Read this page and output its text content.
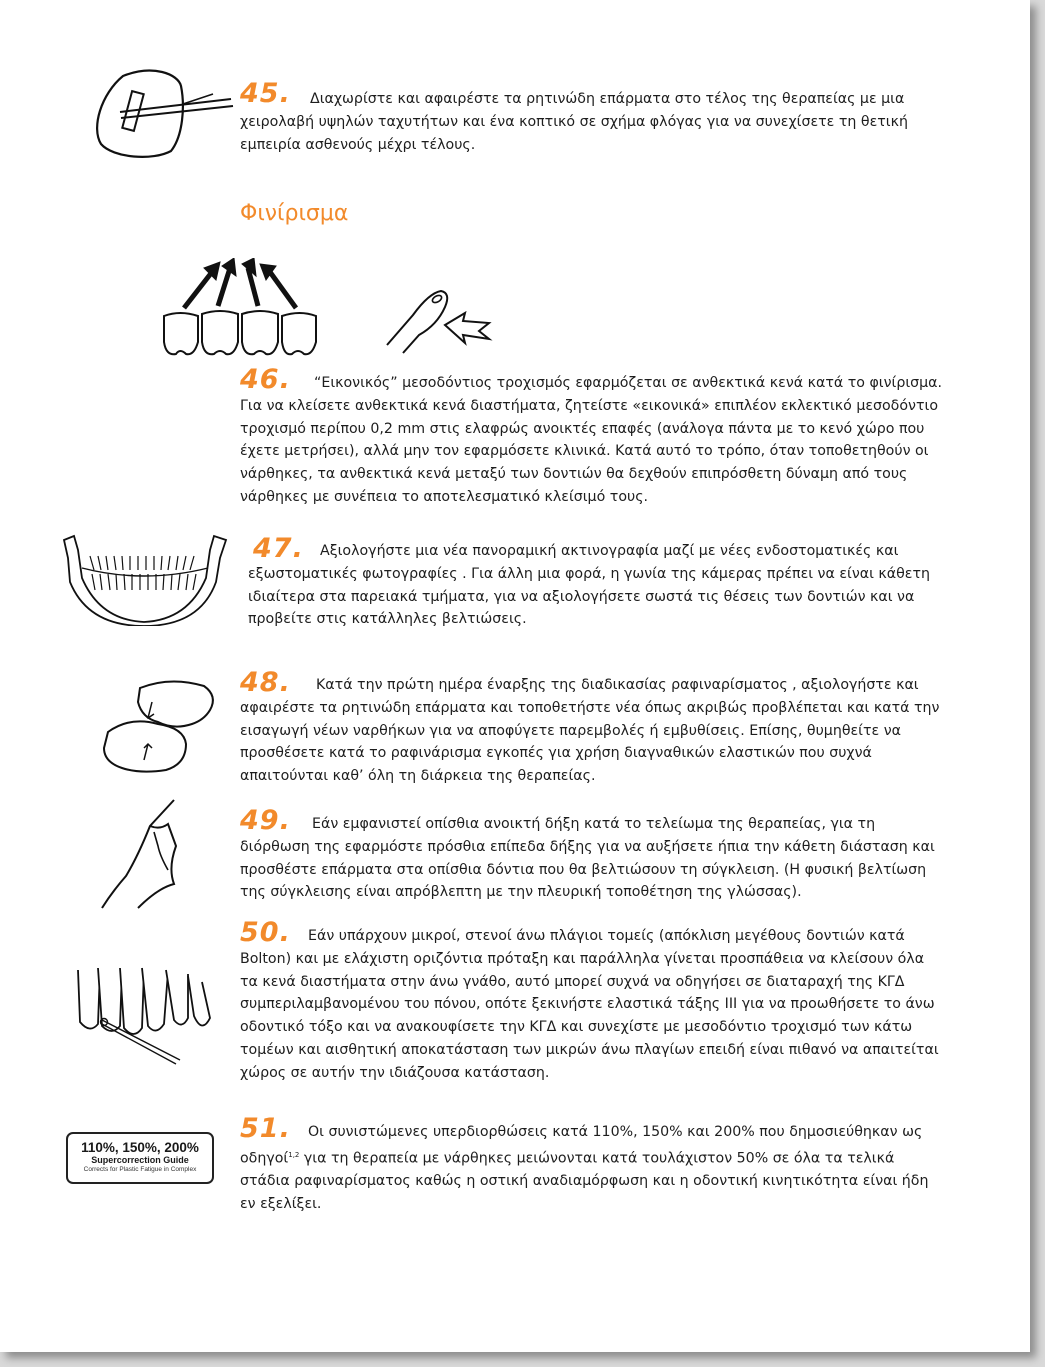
45.	Διαχωρίστε και αφαιρέστε τα ρητινώδη επάρματα στο τέλος της θεραπείας με μια χειρολαβή υψηλών ταχυτήτων και ένα κοπτικό σε σχήμα φλόγας για να συνεχίσετε τη θετική εμπειρία ασθενούς μέχρι τέλους.

Φινίρισμα
46.	“Εικονικός” μεσοδόντιος τροχισμός εφαρμόζεται σε ανθεκτικά κενά κατά το φινίρισμα. Για να κλείσετε ανθεκτικά κενά διαστήματα, ζητείστε «εικονικά» επιπλέον εκλεκτικό μεσοδόντιο τροχισμό περίπου 0,2 mm στις ελαφρώς ανοικτές επαφές (ανάλογα πάντα με το κενό χώρο που έχετε μετρήσει), αλλά μην τον εφαρμόσετε κλινικά. Κατά αυτό το τρόπο, όταν τοποθετηθούν οι νάρθηκες, τα ανθεκτικά κενά μεταξύ των δοντιών θα δεχθούν επιπρόσθετη δύναμη από τους νάρθηκες με συνέπεια το αποτελεσματικό κλείσιμό τους.

47.	Αξιολογήστε μια νέα πανοραμική ακτινογραφία μαζί με νέες ενδοστοματικές και εξωστοματικές φωτογραφίες . Για άλλη μια φορά, η γωνία της κάμερας πρέπει να είναι κάθετη ιδιαίτερα στα παρειακά τμήματα, για να αξιολογήσετε σωστά τις θέσεις των δοντιών και να προβείτε στις κατάλληλες βελτιώσεις.

48.	Κατά την πρώτη ημέρα έναρξης της διαδικασίας ραφιναρίσματος , αξιολογήστε και αφαιρέστε τα ρητινώδη επάρματα και τοποθετήστε νέα όπως ακριβώς προβλέπεται και κατά την εισαγωγή νέων ναρθήκων για να αποφύγετε παρεμβολές ή εμβυθίσεις. Επίσης, θυμηθείτε να προσθέσετε κατά το ραφινάρισμα εγκοπές για χρήση διαγναθικών ελαστικών που συχνά απαιτούνται καθ’ όλη τη διάρκεια της θεραπείας.

49.	Εάν εμφανιστεί οπίσθια ανοικτή δήξη κατά το τελείωμα της θεραπείας, για τη διόρθωση της εφαρμόστε πρόσθια επίπεδα δήξης για να αυξήσετε ήπια την κάθετη διάσταση και προσθέστε επάρματα στα οπίσθια δόντια που θα βελτιώσουν τη σύγκλειση. (Η φυσική βελτίωση της σύγκλεισης είναι απρόβλεπτη με την πλευρική τοποθέτηση της γλώσσας).

50.	Εάν υπάρχουν μικροί, στενοί άνω πλάγιοι τομείς (απόκλιση μεγέθους δοντιών κατά Bolton) και με ελάχιστη οριζόντια πρόταξη και παράλληλα γίνεται προσπάθεια να κλείσουν όλα τα κενά διαστήματα στην άνω γνάθο, αυτό μπορεί συχνά να οδηγήσει σε διαταραχή της ΚΓΔ συμπεριλαμβανομένου του πόνου, οπότε ξεκινήστε ελαστικά τάξης ΙΙΙ για να προωθήσετε το άνω οδοντικό τόξο και να ανακουφίσετε την ΚΓΔ και συνεχίστε με μεσοδόντιο τροχισμό των κάτω τομέων και αισθητική αποκατάσταση των μικρών άνω πλαγίων επειδή είναι πιθανό να απαιτείται χώρος σε αυτήν την ιδιάζουσα κατάσταση.

110%, 150%, 200%
Supercorrection Guide
Corrects for Plastic Fatigue in Complex
51.	Οι συνιστώμενες υπερδιορθώσεις κατά 110%, 150% και 200% που δημοσιεύθηκαν ως οδηγοί$^{1,2}$ για τη θεραπεία με νάρθηκες μειώνονται κατά τουλάχιστον 50% σε όλα τα τελικά στάδια ραφιναρίσματος καθώς η οστική αναδιαμόρφωση και η οδοντική κινητικότητα είναι ήδη εν εξελίξει.
